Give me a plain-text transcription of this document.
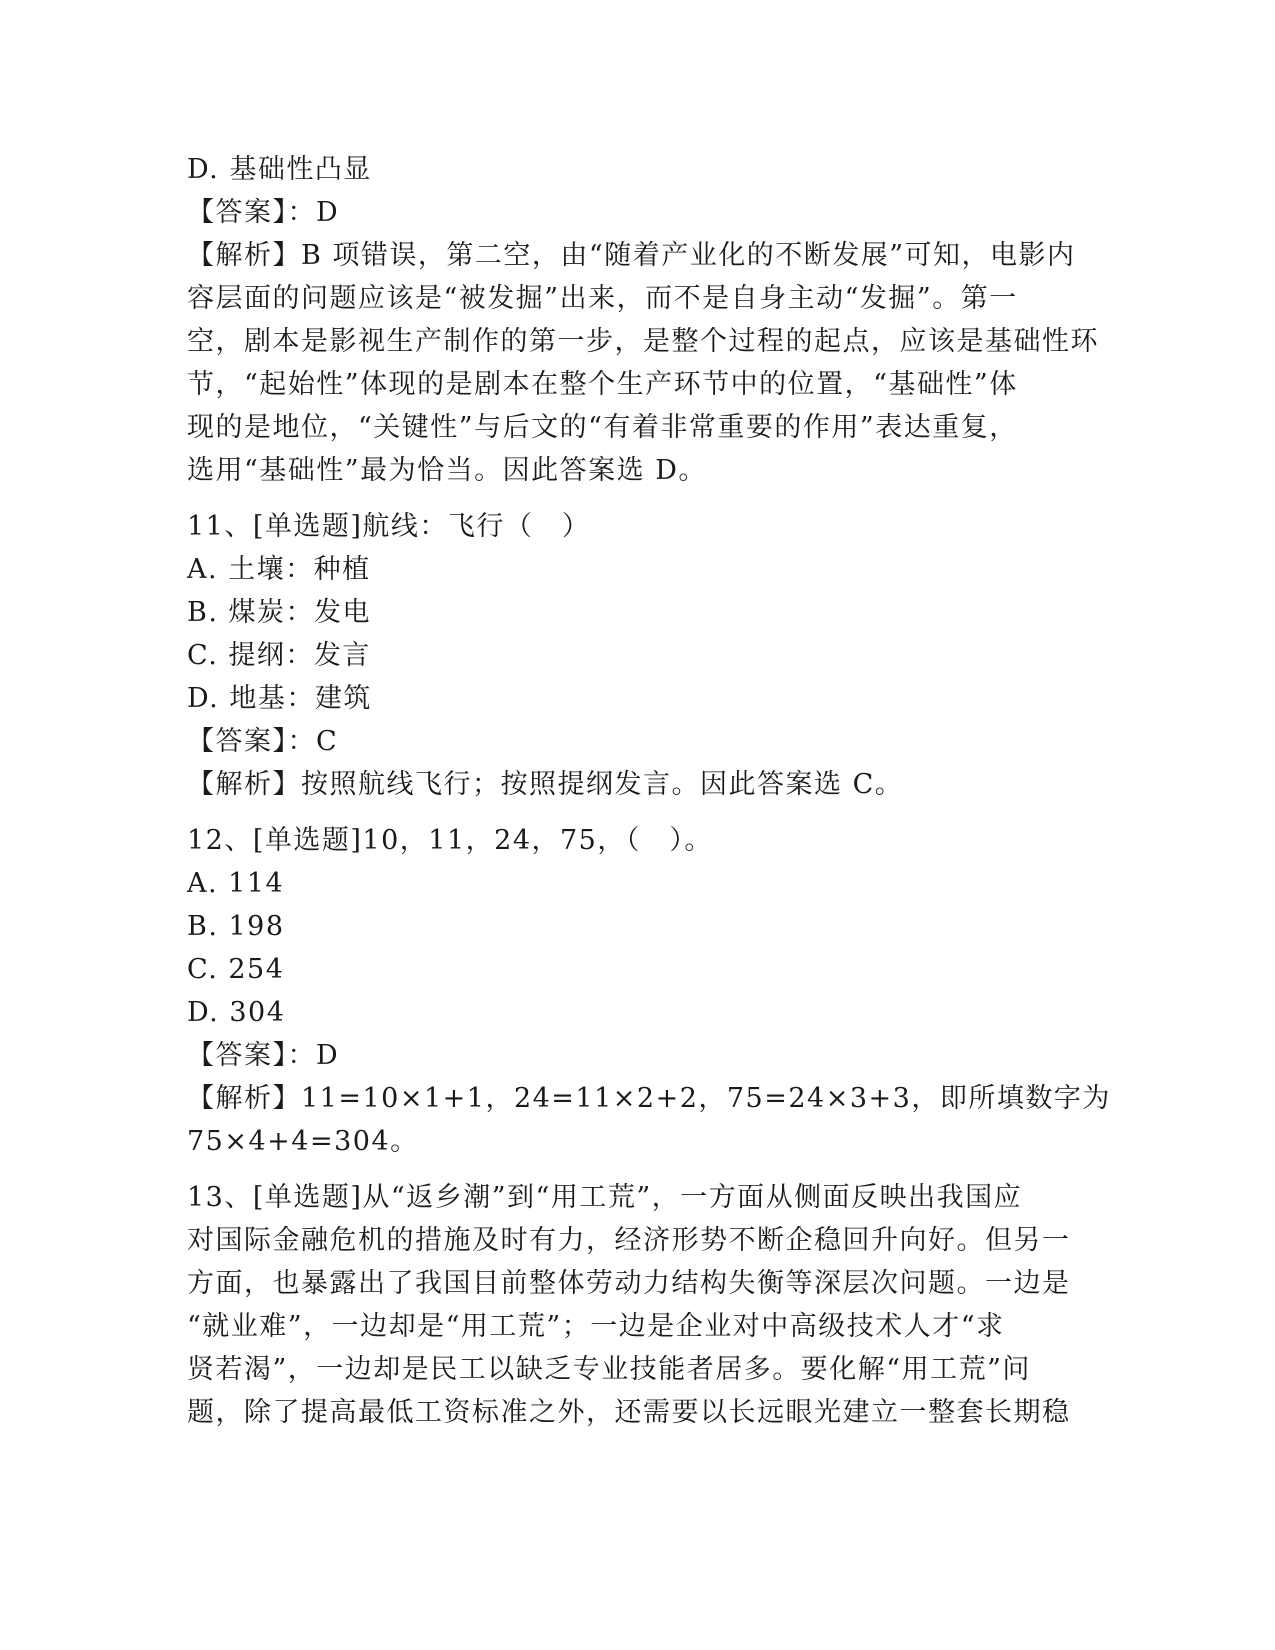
D. 基础性凸显
【答案】：D
【解析】B 项错误，第二空，由“随着产业化的不断发展”可知，电影内
容层面的问题应该是“被发掘”出来，而不是自身主动“发掘”。第一
空，剧本是影视生产制作的第一步，是整个过程的起点，应该是基础性环
节，“起始性”体现的是剧本在整个生产环节中的位置，“基础性”体
现的是地位，“关键性”与后文的“有着非常重要的作用”表达重复，
选用“基础性”最为恰当。因此答案选 D。
11、[单选题]航线：飞行（　）
A. 土壤：种植
B. 煤炭：发电
C. 提纲：发言
D. 地基：建筑
【答案】：C
【解析】按照航线飞行；按照提纲发言。因此答案选 C。
12、[单选题]10，11，24，75，（　）。
A. 114
B. 198
C. 254
D. 304
【答案】：D
【解析】11=10×1+1，24=11×2+2，75=24×3+3，即所填数字为
75×4+4=304。
13、[单选题]从“返乡潮”到“用工荒”，一方面从侧面反映出我国应
对国际金融危机的措施及时有力，经济形势不断企稳回升向好。但另一
方面，也暴露出了我国目前整体劳动力结构失衡等深层次问题。一边是
“就业难”，一边却是“用工荒”；一边是企业对中高级技术人才“求
贤若渴”，一边却是民工以缺乏专业技能者居多。要化解“用工荒”问
题，除了提高最低工资标准之外，还需要以长远眼光建立一整套长期稳
